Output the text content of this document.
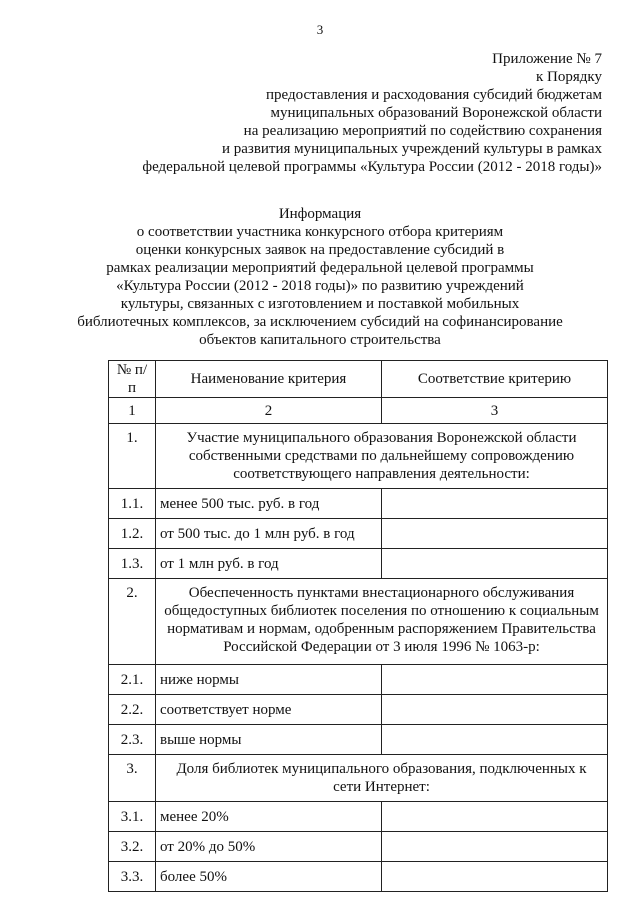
3
Приложение № 7
к Порядку
предоставления и расходования субсидий бюджетам
муниципальных образований Воронежской области
на реализацию мероприятий по содействию сохранения
и развития муниципальных учреждений культуры в рамках
федеральной целевой программы «Культура России (2012 - 2018 годы)»
Информация
о соответствии участника конкурсного отбора критериям
оценки конкурсных заявок на предоставление субсидий в
рамках реализации мероприятий федеральной целевой программы
«Культура России (2012 - 2018 годы)» по развитию учреждений
культуры, связанных с изготовлением и поставкой мобильных
библиотечных комплексов, за исключением субсидий на софинансирование
объектов капитального строительства
№ п/п	Наименование критерия	Соответствие критерию
1	2	3
1.	Участие муниципального образования Воронежской области собственными средствами по дальнейшему сопровождению соответствующего направления деятельности:	
1.1.	менее 500 тыс. руб. в год	
1.2.	от 500 тыс. до 1 млн руб. в год	
1.3.	от 1 млн руб. в год	
2.	Обеспеченность пунктами внестационарного обслуживания общедоступных библиотек поселения по отношению к социальным нормативам и нормам, одобренным распоряжением Правительства Российской Федерации от 3 июля 1996 № 1063-р:	
2.1.	ниже нормы	
2.2.	соответствует норме	
2.3.	выше нормы	
3.	Доля библиотек муниципального образования, подключенных к сети Интернет:	
3.1.	менее 20%	
3.2.	от 20% до 50%	
3.3.	более 50%	
